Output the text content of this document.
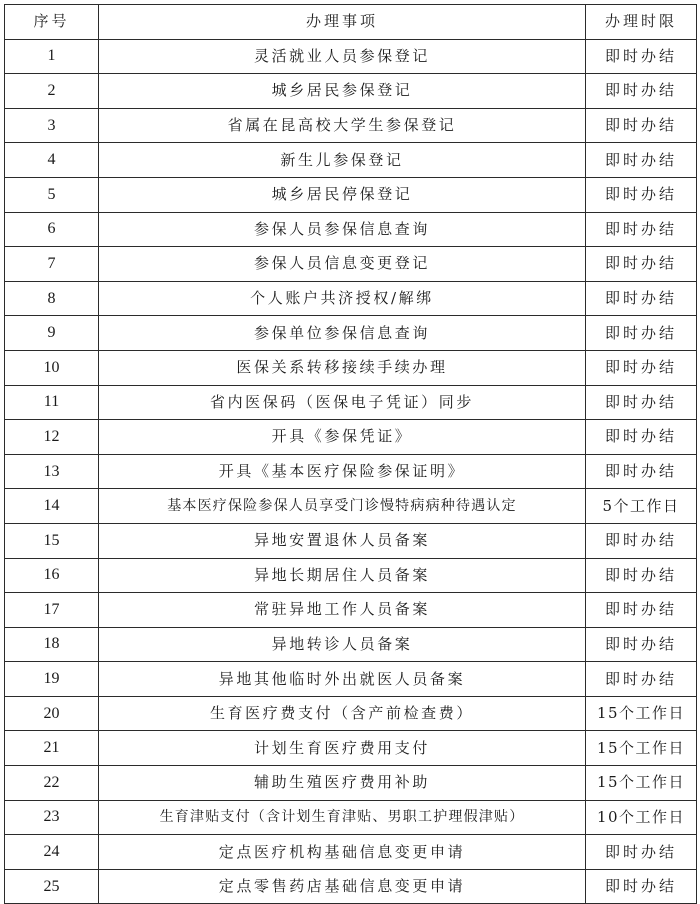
序号	办理事项	办理时限
1	灵活就业人员参保登记	即时办结
2	城乡居民参保登记	即时办结
3	省属在昆高校大学生参保登记	即时办结
4	新生儿参保登记	即时办结
5	城乡居民停保登记	即时办结
6	参保人员参保信息查询	即时办结
7	参保人员信息变更登记	即时办结
8	个人账户共济授权/解绑	即时办结
9	参保单位参保信息查询	即时办结
10	医保关系转移接续手续办理	即时办结
11	省内医保码（医保电子凭证）同步	即时办结
12	开具《参保凭证》	即时办结
13	开具《基本医疗保险参保证明》	即时办结
14	基本医疗保险参保人员享受门诊慢特病病种待遇认定	5个工作日
15	异地安置退休人员备案	即时办结
16	异地长期居住人员备案	即时办结
17	常驻异地工作人员备案	即时办结
18	异地转诊人员备案	即时办结
19	异地其他临时外出就医人员备案	即时办结
20	生育医疗费支付（含产前检查费）	15个工作日
21	计划生育医疗费用支付	15个工作日
22	辅助生殖医疗费用补助	15个工作日
23	生育津贴支付（含计划生育津贴、男职工护理假津贴）	10个工作日
24	定点医疗机构基础信息变更申请	即时办结
25	定点零售药店基础信息变更申请	即时办结
